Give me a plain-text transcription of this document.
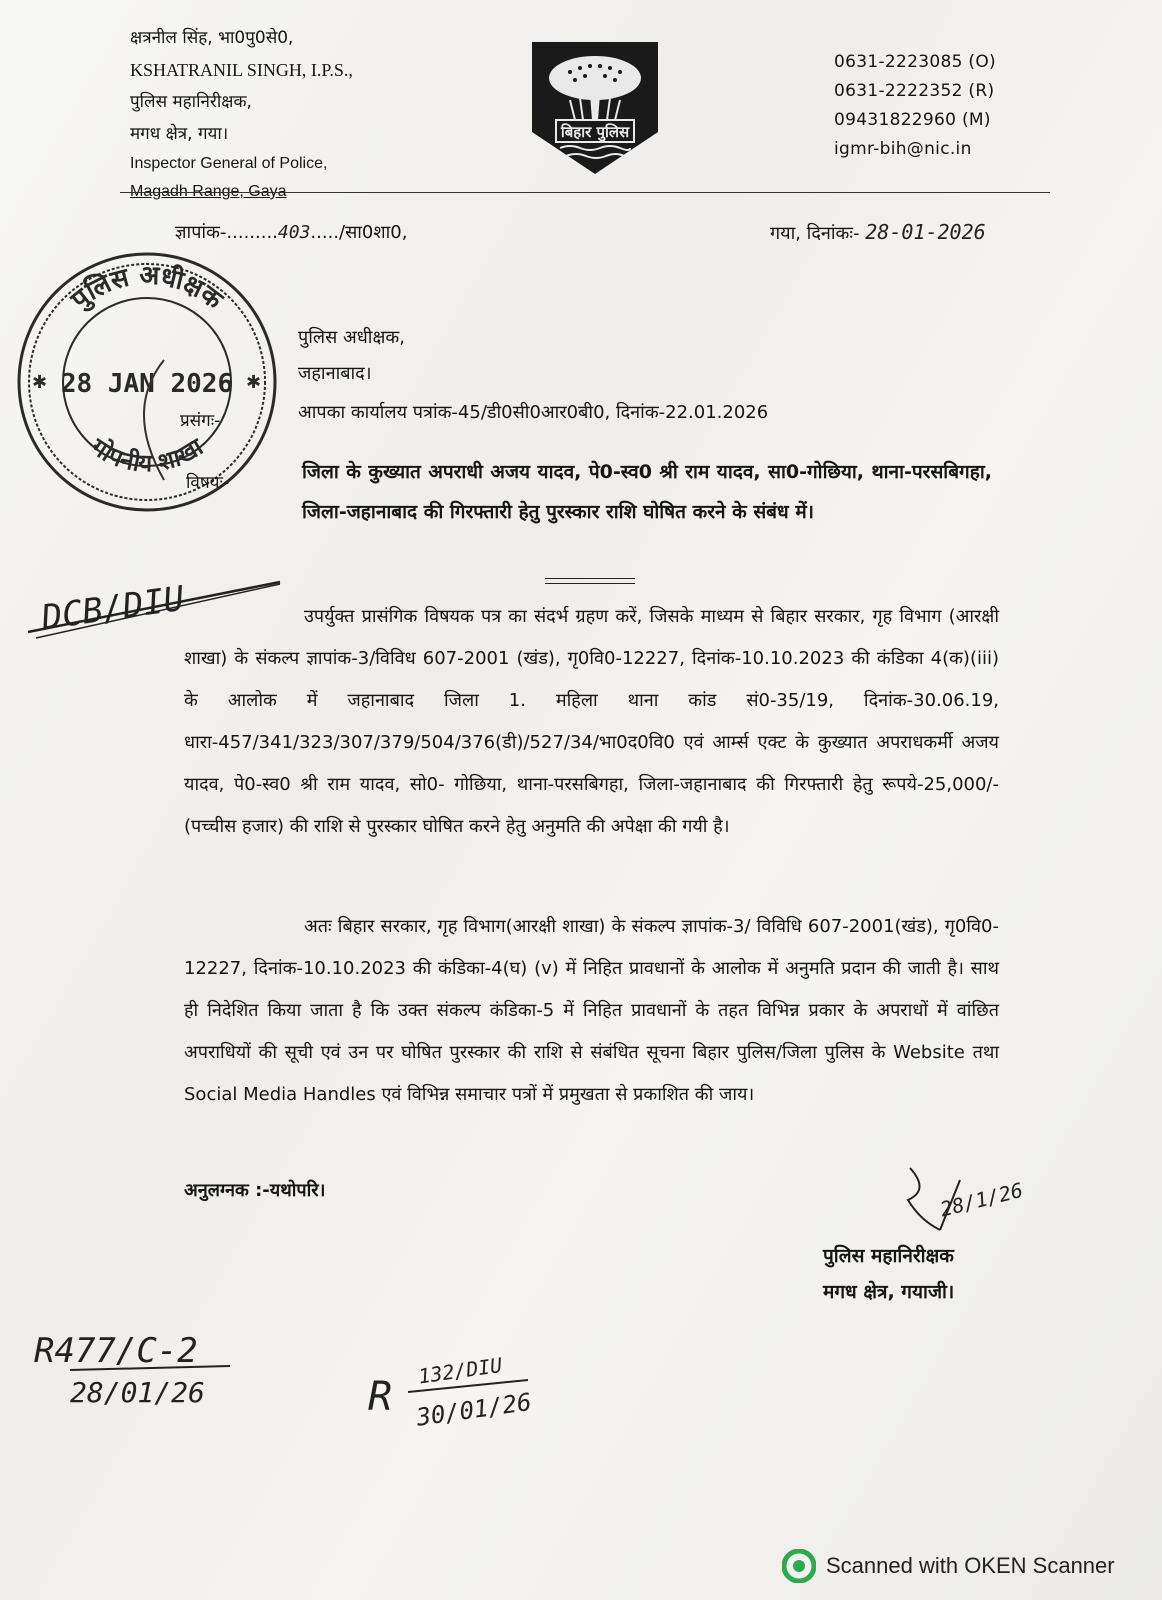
क्षत्रनील सिंह, भा0पु0से0,
KSHATRANIL SINGH, I.P.S.,
पुलिस महानिरीक्षक,
मगध क्षेत्र, गया।
Inspector General of Police,
Magadh Range, Gaya
बिहार पुलिस
0631-2223085 (O)
0631-2222352 (R)
09431822960 (M)
igmr-bih@nic.in
ज्ञापांक-.........403...../सा0शा0,	गया, दिनांकः- 28-01-2026
पुलिस अधीक्षक
गोपनीय शाखा
28 JAN 2026
✱	✱
पुलिस अधीक्षक,
जहानाबाद।
प्रसंगः-	आपका कार्यालय पत्रांक-45/डी0सी0आर0बी0, दिनांक-22.01.2026
विषयः-	जिला के कुख्यात अपराधी अजय यादव, पे0-स्व0 श्री राम यादव, सा0-गोछिया, थाना-परसबिगहा, जिला-जहानाबाद की गिरफ्तारी हेतु पुरस्कार राशि घोषित करने के संबंध में।
DCB/DIU	उपर्युक्त प्रासंगिक विषयक पत्र का संदर्भ ग्रहण करें, जिसके माध्यम से बिहार सरकार, गृह विभाग (आरक्षी शाखा) के संकल्प ज्ञापांक-3/विविध 607-2001 (खंड), गृ0वि0-12227, दिनांक-10.10.2023 की कंडिका 4(क)(iii) के आलोक में जहानाबाद जिला 1. महिला थाना कांड सं0-35/19, दिनांक-30.06.19, धारा-457/341/323/307/379/504/376(डी)/527/34/भा0द0वि0 एवं आर्म्स एक्ट के कुख्यात अपराधकर्मी अजय यादव, पे0-स्व0 श्री राम यादव, सो0- गोछिया, थाना-परसबिगहा, जिला-जहानाबाद की गिरफ्तारी हेतु रूपये-25,000/- (पच्चीस हजार) की राशि से पुरस्कार घोषित करने हेतु अनुमति की अपेक्षा की गयी है।
अतः बिहार सरकार, गृह विभाग(आरक्षी शाखा) के संकल्प ज्ञापांक-3/ विविधि 607-2001(खंड), गृ0वि0-12227, दिनांक-10.10.2023 की कंडिका-4(घ) (v) में निहित प्रावधानों के आलोक में अनुमति प्रदान की जाती है। साथ ही निदेशित किया जाता है कि उक्त संकल्प कंडिका-5 में निहित प्रावधानों के तहत विभिन्न प्रकार के अपराधों में वांछित अपराधियों की सूची एवं उन पर घोषित पुरस्कार की राशि से संबंधित सूचना बिहार पुलिस/जिला पुलिस के Website तथा Social Media Handles एवं विभिन्न समाचार पत्रों में प्रमुखता से प्रकाशित की जाय।
अनुलग्नक :-यथोपरि।	28/1/26
पुलिस महानिरीक्षक
मगध क्षेत्र, गयाजी।
R477/C-2
28/01/26	R
132/DIU
30/01/26
Scanned with OKEN Scanner
